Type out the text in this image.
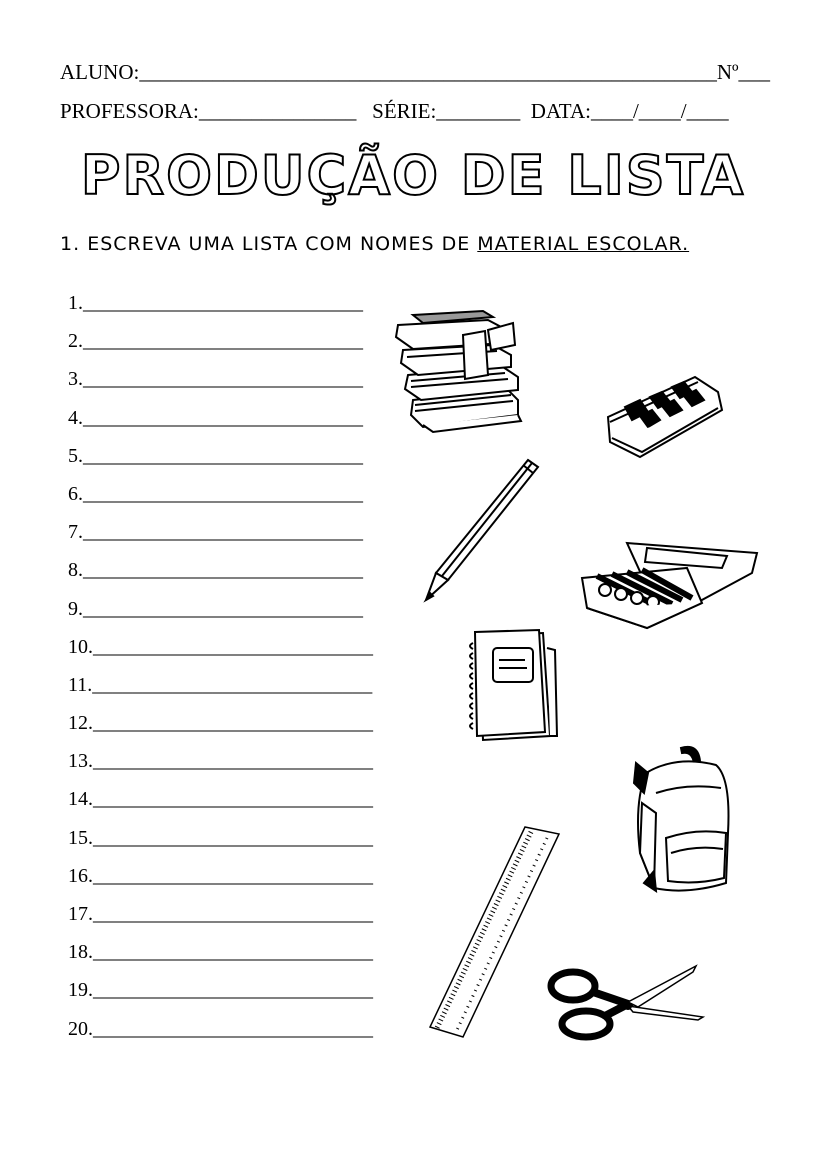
ALUNO:_______________________________________________________Nº___
PROFESSORA:_______________   SÉRIE:________  DATA:____/____/____
PRODUÇÃO DE LISTA
1. ESCREVA UMA LISTA COM NOMES DE MATERIAL ESCOLAR.
1.____________________________
2.____________________________
3.____________________________
4.____________________________
5.____________________________
6.____________________________
7.____________________________
8.____________________________
9.____________________________
10.____________________________
11.____________________________
12.____________________________
13.____________________________
14.____________________________
15.____________________________
16.____________________________
17.____________________________
18.____________________________
19.____________________________
20.____________________________
